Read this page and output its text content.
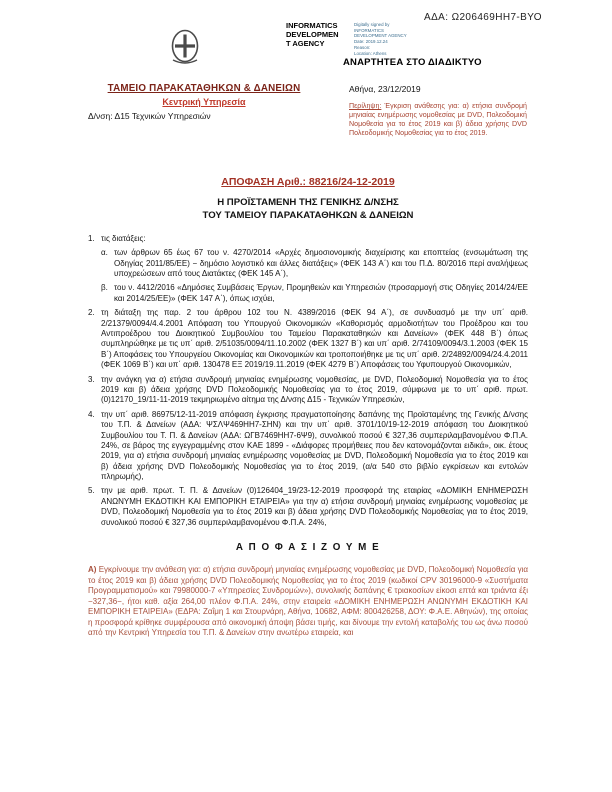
ΑΔΑ: Ω206469ΗΗ7-ΒΥΟ
INFORMATICS
DEVELOPMEN
T AGENCY
Digitally signed by
INFORMATICS
DEVELOPMENT AGENCY
Date: 2019.12.24
Reason:
Location: Athens
ΑΝΑΡΤΗΤΕΑ ΣΤΟ ΔΙΑΔΙΚΤΥΟ
ΤΑΜΕΙΟ ΠΑΡΑΚΑΤΑΘΗΚΩΝ & ΔΑΝΕΙΩΝ
Κεντρική Υπηρεσία
Δ/νση: Δ15 Τεχνικών Υπηρεσιών
Αθήνα, 23/12/2019
Περίληψη: Έγκριση ανάθεσης για: α) ετήσια συνδρομή μηνιαίας ενημέρωσης νομοθεσίας με DVD, Πολεοδομική Νομοθεσία για το έτος 2019 και β) άδεια χρήσης DVD Πολεοδομικής Νομοθεσίας για το έτος 2019.
ΑΠΟΦΑΣΗ Αριθ.: 88216/24-12-2019
Η ΠΡΟΪΣΤΑΜΕΝΗ ΤΗΣ ΓΕΝΙΚΗΣ Δ/ΝΣΗΣ
ΤΟΥ ΤΑΜΕΙΟΥ ΠΑΡΑΚΑΤΑΘΗΚΩΝ & ΔΑΝΕΙΩΝ
1. τις διατάξεις:
α. των άρθρων 65 έως 67 του ν. 4270/2014 «Αρχές δημοσιονομικής διαχείρισης και εποπτείας (ενσωμάτωση της Οδηγίας 2011/85/ΕΕ) − δημόσιο λογιστικό και άλλες διατάξεις» (ΦΕΚ 143 Α΄) και του Π.Δ. 80/2016 περί αναλήψεως υποχρεώσεων από τους Διατάκτες (ΦΕΚ 145 Α΄),
β. του ν. 4412/2016 «Δημόσιες Συμβάσεις Έργων, Προμηθειών και Υπηρεσιών (προσαρμογή στις Οδηγίες 2014/24/ΕΕ και 2014/25/ΕΕ)» (ΦΕΚ 147 Α΄), όπως ισχύει,
2. τη διάταξη της παρ. 2 του άρθρου 102 του Ν. 4389/2016 (ΦΕΚ 94 Α΄), σε συνδυασμό με την υπ΄ αριθ. 2/21379/0094/4.4.2001 Απόφαση του Υπουργού Οικονομικών «Καθορισμός αρμοδιοτήτων του Προέδρου και του Αντιπροέδρου του Διοικητικού Συμβουλίου του Ταμείου Παρακαταθηκών και Δανείων» (ΦΕΚ 448 Β΄) όπως συμπληρώθηκε με τις υπ΄ αριθ. 2/51035/0094/11.10.2002 (ΦΕΚ 1327 Β΄) και υπ΄ αριθ. 2/74109/0094/3.1.2003 (ΦΕΚ 15 Β΄) Αποφάσεις του Υπουργείου Οικονομίας και Οικονομικών και τροποποιήθηκε με τις υπ΄ αριθ. 2/24892/0094/24.4.2011 (ΦΕΚ 1069 Β΄) και υπ΄ αριθ. 130478 ΕΞ 2019/19.11.2019 (ΦΕΚ 4279 Β΄) Αποφάσεις του Υφυπουργού Οικονομικών,
3. την ανάγκη για α) ετήσια συνδρομή μηνιαίας ενημέρωσης νομοθεσίας, με DVD, Πολεοδομική Νομοθεσία για το έτος 2019 και β) άδεια χρήσης DVD Πολεοδομικής Νομοθεσίας για το έτος 2019, σύμφωνα με το υπ΄ αριθ. πρωτ. (0)12170_19/11-11-2019 τεκμηριωμένο αίτημα της Δ/νσης Δ15 - Τεχνικών Υπηρεσιών,
4. την υπ΄ αριθ. 86975/12-11-2019 απόφαση έγκρισης πραγματοποίησης δαπάνης της Προϊσταμένης της Γενικής Δ/νσης του Τ.Π. & Δανείων (ΑΔΑ: ΨΣΛΨ469ΗΗ7-ΣΗΝ) και την υπ΄ αριθ. 3701/10/19-12-2019 απόφαση του Διοικητικού Συμβουλίου του Τ. Π. & Δανείων (ΑΔΑ: ΩΓΒ7469ΗΗ7-6Ψ9), συνολικού ποσού € 327,36 συμπεριλαμβανομένου Φ.Π.Α. 24%, σε βάρος της εγγεγραμμένης στον ΚΑΕ 1899 - «Διάφορες προμήθειες που δεν κατονομάζονται ειδικά», οικ. έτους 2019, για α) ετήσια συνδρομή μηνιαίας ενημέρωσης νομοθεσίας με DVD, Πολεοδομική Νομοθεσία για το έτος 2019 και β) άδεια χρήσης DVD Πολεοδομικής Νομοθεσίας για το έτος 2019, (α/α 540 στο βιβλίο εγκρίσεων και εντολών πληρωμής),
5. την με αριθ. πρωτ. Τ. Π. & Δανείων (0)126404_19/23-12-2019 προσφορά της εταιρίας «ΔΟΜΙΚΗ ΕΝΗΜΕΡΩΣΗ ΑΝΩΝΥΜΗ ΕΚΔΟΤΙΚΗ ΚΑΙ ΕΜΠΟΡΙΚΗ ΕΤΑΙΡΕΙΑ» για την α) ετήσια συνδρομή μηνιαίας ενημέρωσης νομοθεσίας με DVD, Πολεοδομική Νομοθεσία για το έτος 2019 και β) άδεια χρήσης DVD Πολεοδομικής Νομοθεσίας για το έτος 2019, συνολικού ποσού € 327,36 συμπεριλαμβανομένου Φ.Π.Α. 24%,
Α Π Ο Φ Α Σ Ι Ζ Ο Υ Μ Ε
Α) Εγκρίνουμε την ανάθεση για: α) ετήσια συνδρομή μηνιαίας ενημέρωσης νομοθεσίας με DVD, Πολεοδομική Νομοθεσία για το έτος 2019 και β) άδεια χρήσης DVD Πολεοδομικής Νομοθεσίας για το έτος 2019 (κωδικοί CPV 30196000-9 «Συστήματα Προγραμματισμού» και 79980000-7 «Υπηρεσίες Συνδρομών»), συνολικής δαπάνης € τριακοσίων είκοσι επτά και τριάντα έξι −327,36−, ήτοι καθ. αξία 264,00 πλέον Φ.Π.Α. 24%, στην εταιρεία «ΔΟΜΙΚΗ ΕΝΗΜΕΡΩΣΗ ΑΝΩΝΥΜΗ ΕΚΔΟΤΙΚΗ ΚΑΙ ΕΜΠΟΡΙΚΗ ΕΤΑΙΡΕΙΑ» (ΕΔΡΑ: Ζαΐμη 1 και Στουρνάρη, Αθήνα, 10682, ΑΦΜ: 800426258, ΔΟΥ: Φ.Α.Ε. Αθηνών), της οποίας η προσφορά κρίθηκε συμφέρουσα από οικονομική άποψη βάσει τιμής, και δίνουμε την εντολή καταβολής του ως άνω ποσού από την Κεντρική Υπηρεσία του Τ.Π. & Δανείων στην ανωτέρω εταιρεία, και
